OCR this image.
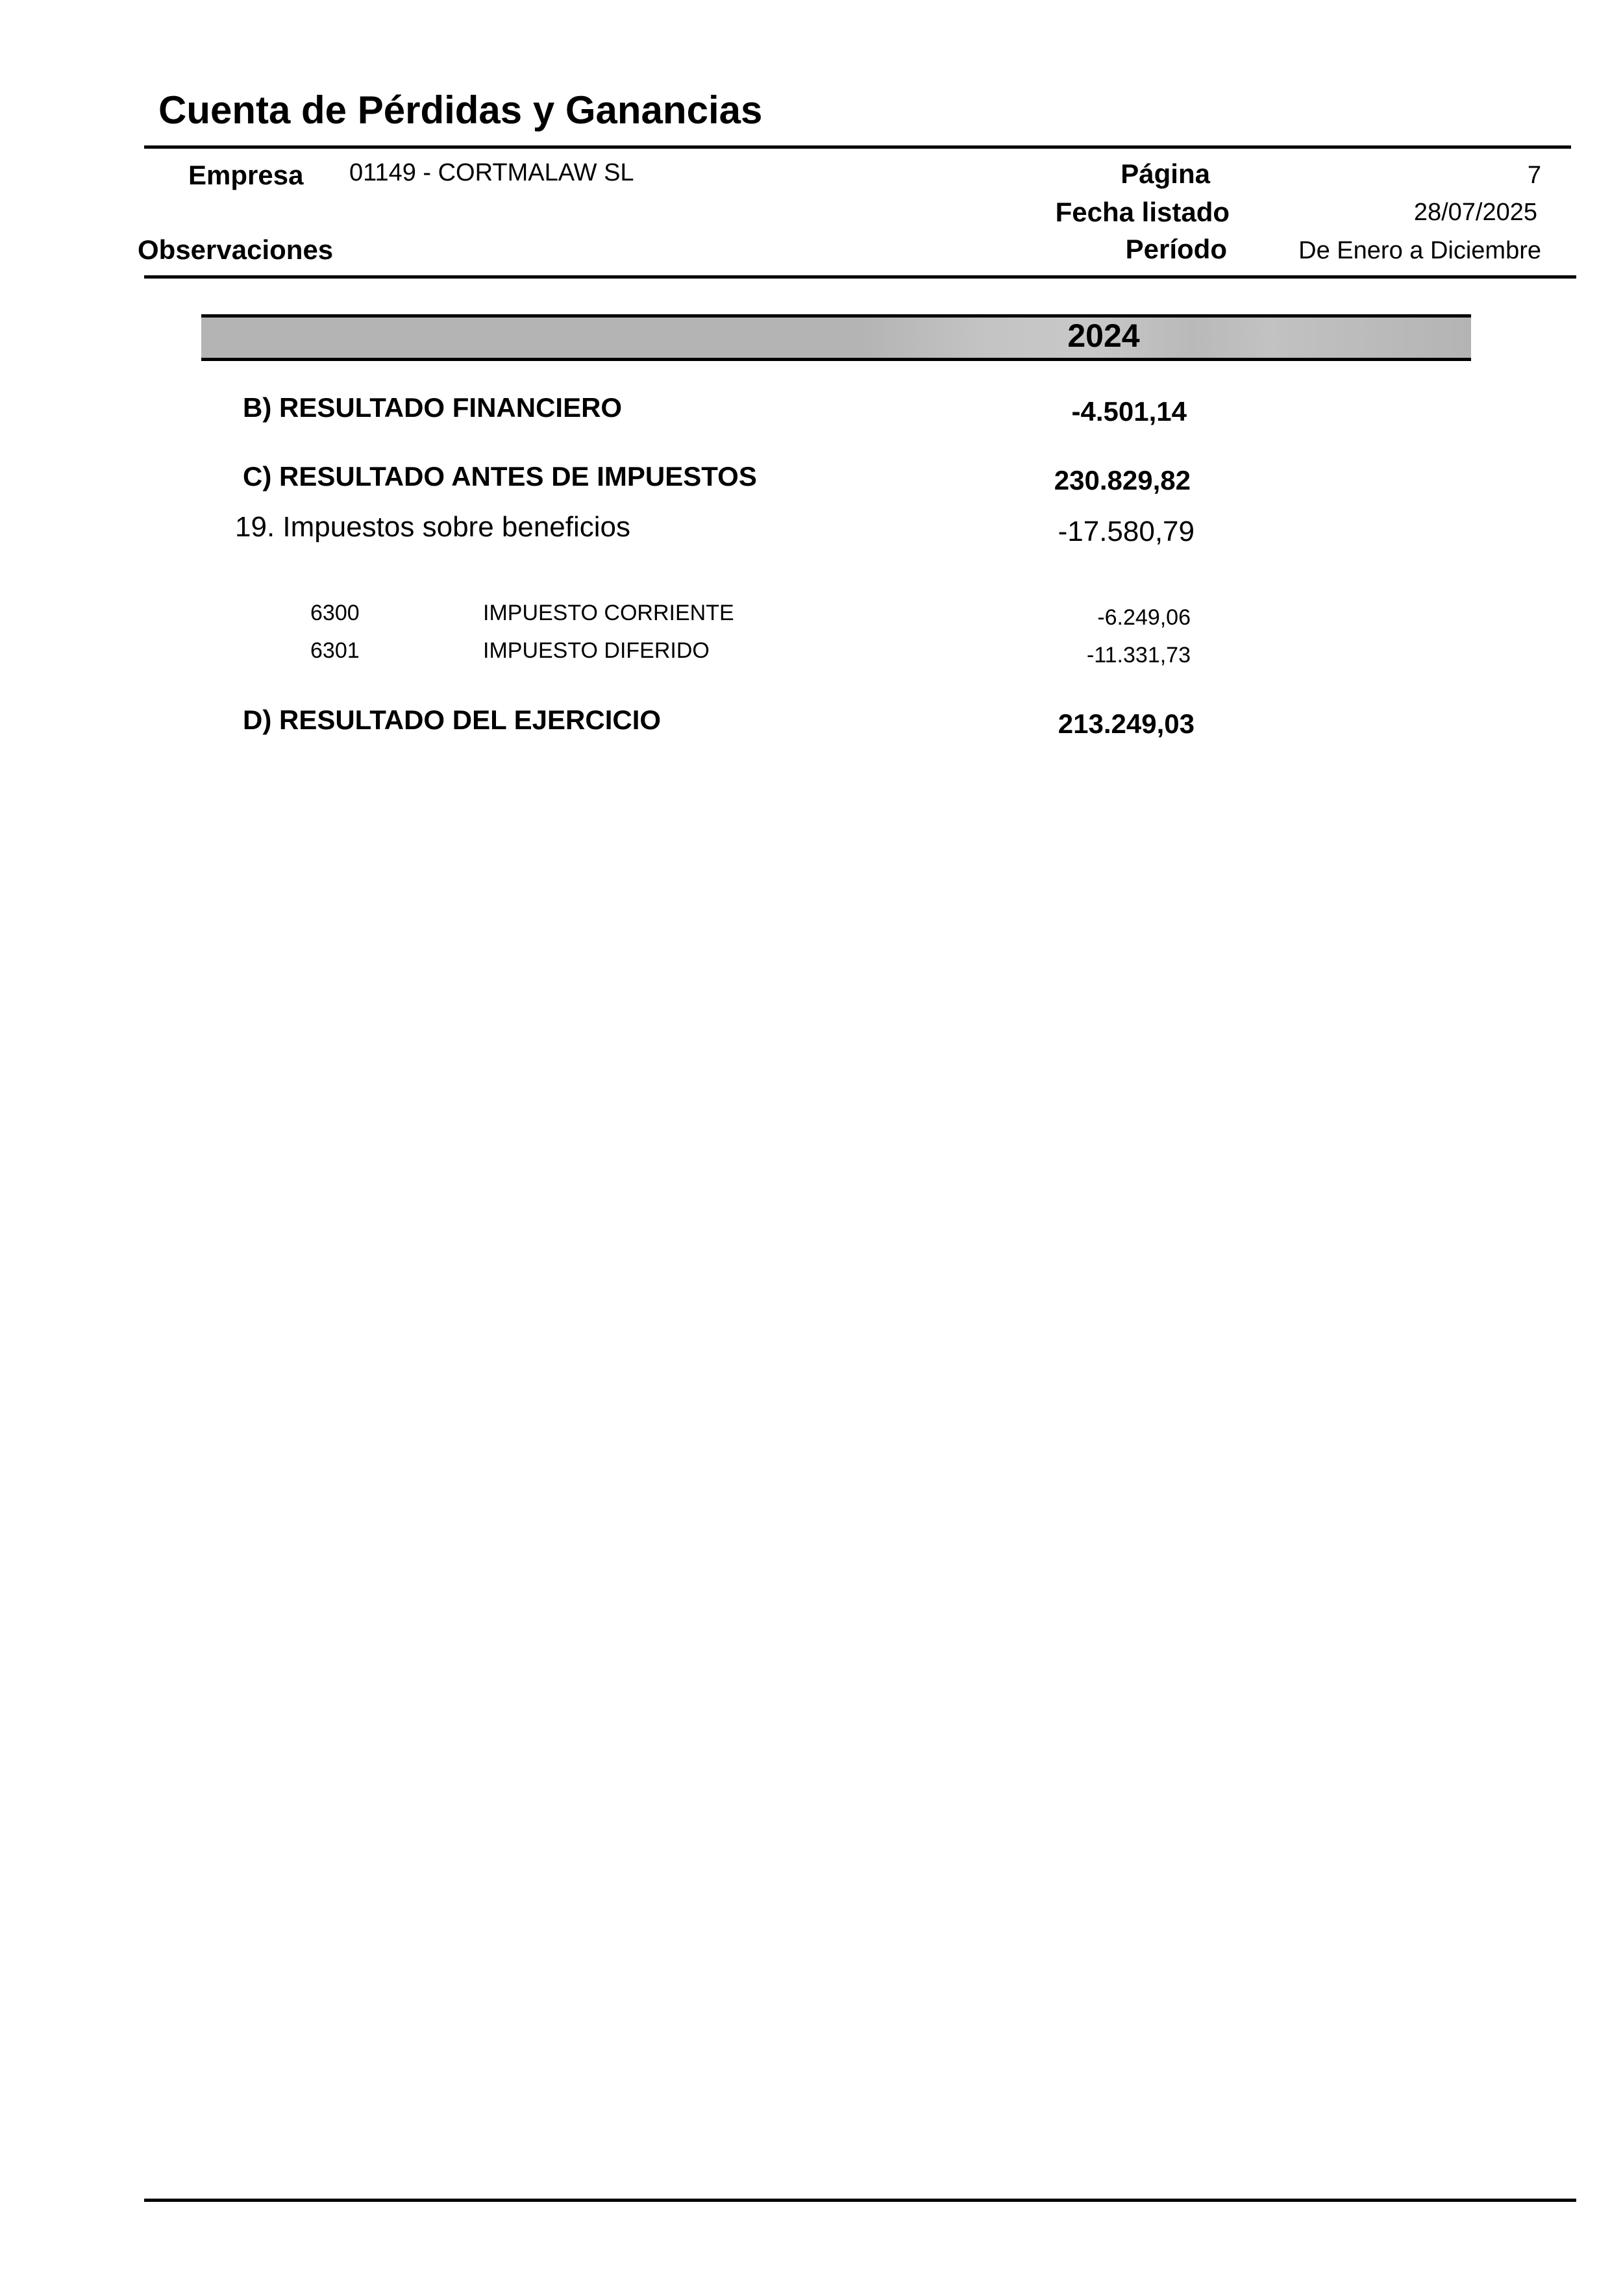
Cuenta de Pérdidas y Ganancias
Empresa 01149 - CORTMALAW SL	Página	7
Fecha listado	28/07/2025
Observaciones	Período	De Enero a Diciembre
2024
B) RESULTADO FINANCIERO	-4.501,14
C) RESULTADO ANTES DE IMPUESTOS	230.829,82
19. Impuestos sobre beneficios	-17.580,79
6300	IMPUESTO CORRIENTE	-6.249,06
6301	IMPUESTO DIFERIDO	-11.331,73
D) RESULTADO DEL EJERCICIO	213.249,03
